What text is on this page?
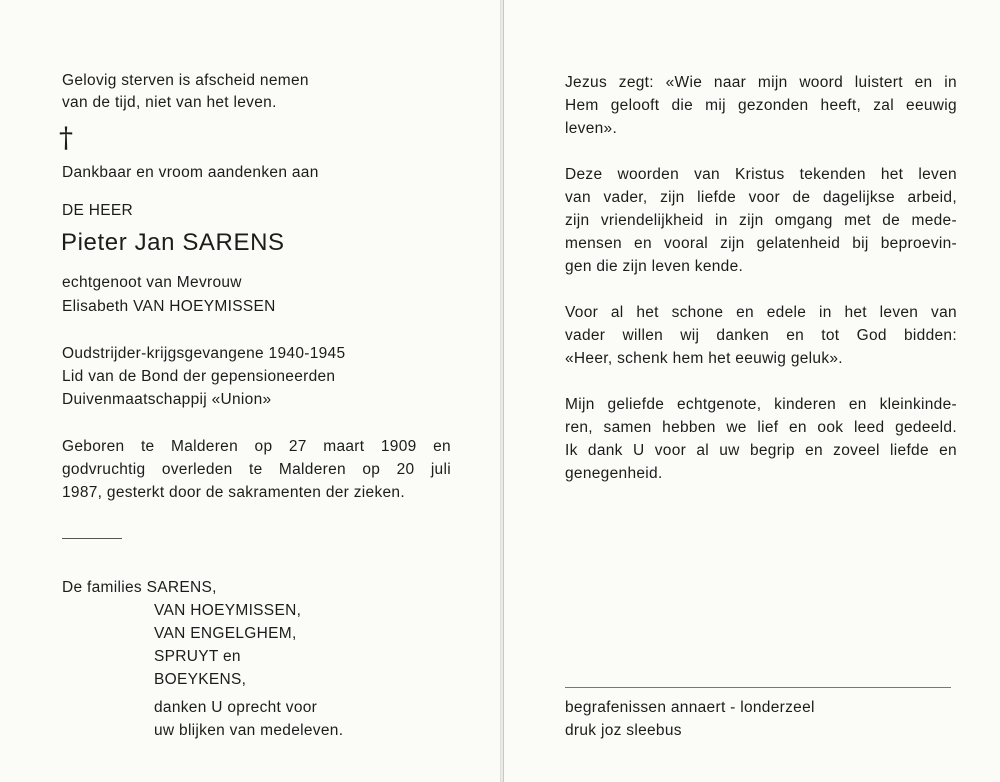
Gelovig sterven is afscheid nemen

van de tijd, niet van het leven.

†

Dankbaar en vroom aandenken aan

DE HEER

Pieter Jan SARENS

echtgenoot van Mevrouw

Elisabeth VAN HOEYMISSEN

Oudstrijder-krijgsgevangene 1940-1945

Lid van de Bond der gepensioneerden

Duivenmaatschappij «Union»

Geboren te Malderen op 27 maart 1909 en
godvruchtig overleden te Malderen op 20 juli

1987, gesterkt door de sakramenten der zieken.

De families SARENS,

VAN HOEYMISSEN,

VAN ENGELGHEM,

SPRUYT en

BOEYKENS,

danken U oprecht voor

uw blijken van medeleven.

Jezus zegt: «Wie naar mijn woord luistert en in
Hem gelooft die mij gezonden heeft, zal eeuwig

leven».

Deze woorden van Kristus tekenden het leven
van vader, zijn liefde voor de dagelijkse arbeid,
zijn vriendelijkheid in zijn omgang met de mede-
mensen en vooral zijn gelatenheid bij beproevin-

gen die zijn leven kende.

Voor al het schone en edele in het leven van
vader willen wij danken en tot God bidden:

«Heer, schenk hem het eeuwig geluk».

Mijn geliefde echtgenote, kinderen en kleinkinde-
ren, samen hebben we lief en ook leed gedeeld.
Ik dank U voor al uw begrip en zoveel liefde en

genegenheid.

begrafenissen annaert - londerzeel

druk joz sleebus
